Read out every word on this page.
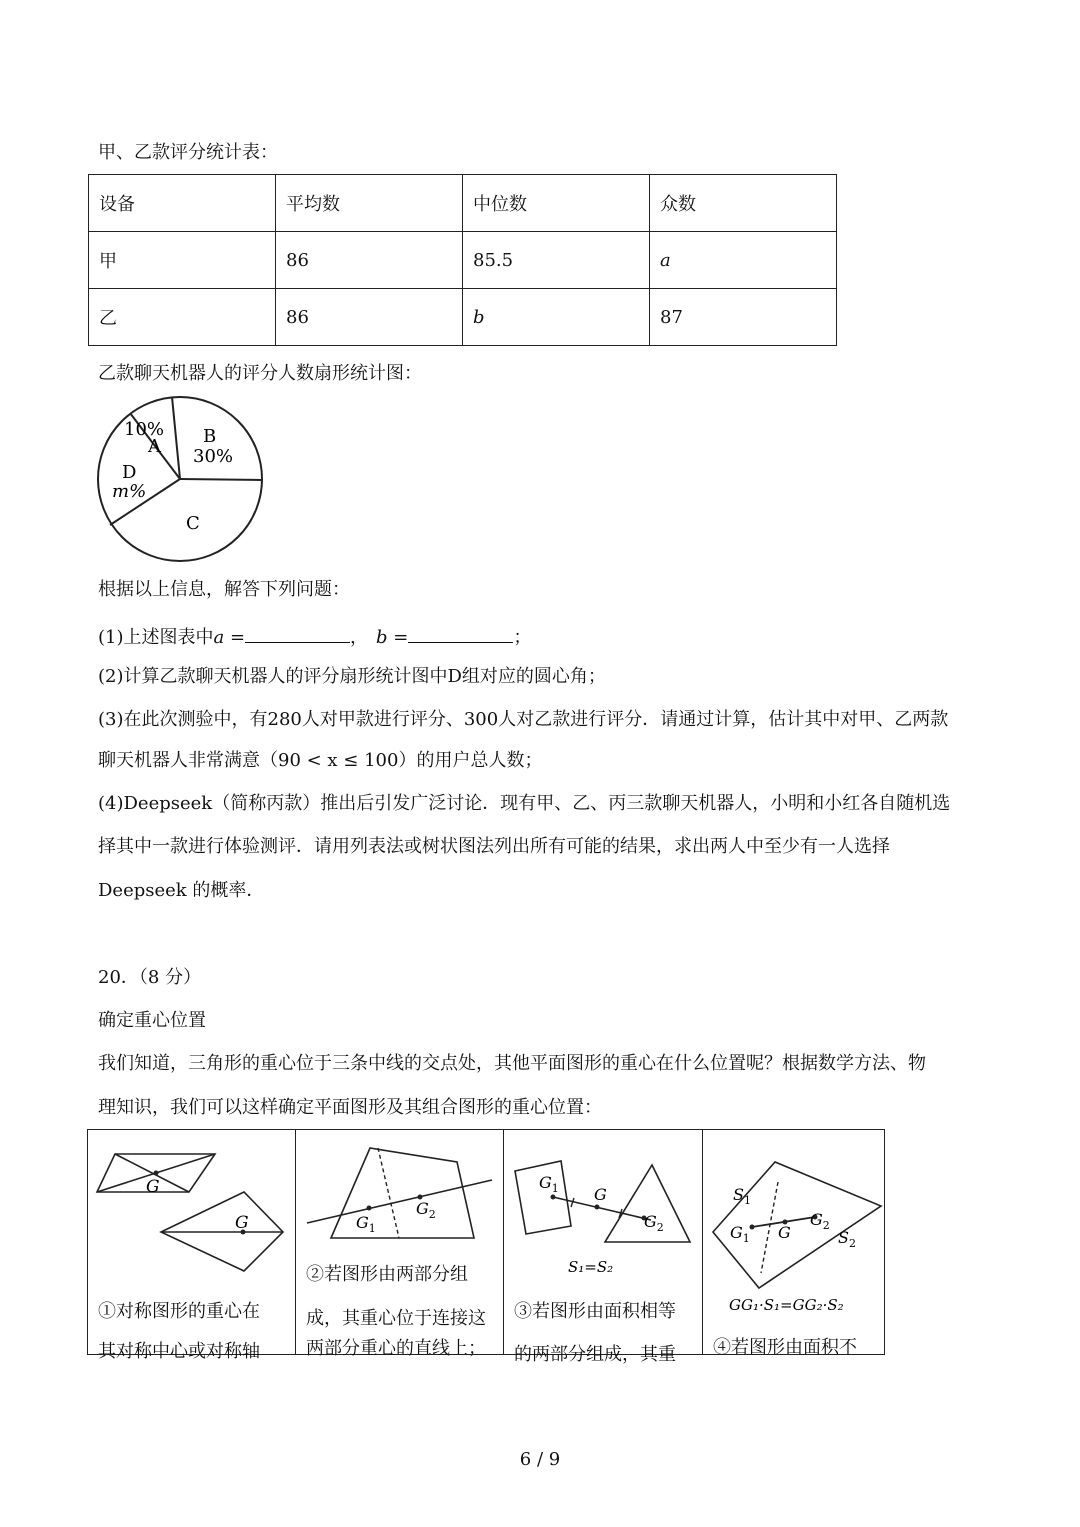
甲、乙款评分统计表：
设备	平均数	中位数	众数
甲	86	85.5	a
乙	86	b	87
乙款聊天机器人的评分人数扇形统计图：
10%
A B
30%
D
m%
C
根据以上信息，解答下列问题：
(1)上述图表中a =	， b =	；
(2)计算乙款聊天机器人的评分扇形统计图中D组对应的圆心角；
(3)在此次测验中，有280人对甲款进行评分、300人对乙款进行评分．请通过计算，估计其中对甲、乙两款
聊天机器人非常满意（90 < x ≤ 100）的用户总人数；
(4)Deepseek（简称丙款）推出后引发广泛讨论．现有甲、乙、丙三款聊天机器人，小明和小红各自随机选
择其中一款进行体验测评．请用列表法或树状图法列出所有可能的结果，求出两人中至少有一人选择
Deepseek 的概率．
20．（8 分）
确定重心位置
我们知道，三角形的重心位于三条中线的交点处，其他平面图形的重心在什么位置呢？根据数学方法、物
理知识，我们可以这样确定平面图形及其组合图形的重心位置：
G
G
①对称图形的重心在
其对称中心或对称轴

$G_1$
$G_2$
②若图形由两部分组
成，其重心位于连接这
两部分重心的直线上；

$G_1$ G
$G_2$
S₁=S₂
③若图形由面积相等
的两部分组成，其重

$S_1$
$G_1$ G
$G_2$
$S_2$
GG₁·S₁=GG₂·S₂
④若图形由面积不
6 / 9
